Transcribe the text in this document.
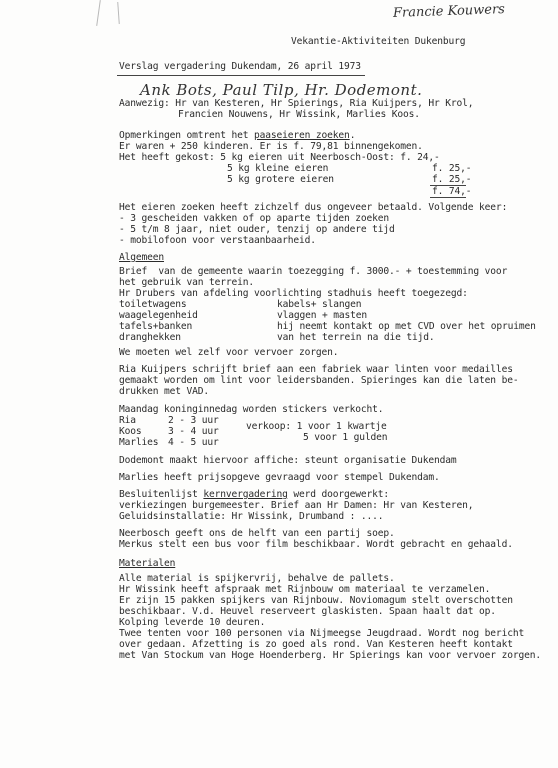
Francie Kouwers
Vekantie-Aktiviteiten Dukenburg
Verslag vergadering Dukendam, 26 april 1973
Ank Bots, Paul Tilp, Hr. Dodemont.
Aanwezig: Hr van Kesteren, Hr Spierings, Ria Kuijpers, Hr Krol,
Francien Nouwens, Hr Wissink, Marlies Koos.
Opmerkingen omtrent het paaseieren zoeken.
Er waren + 250 kinderen. Er is f. 79,81 binnengekomen.
Het heeft gekost: 5 kg eieren uit Neerbosch-Oost: f. 24,-
5 kg kleine eieren	f. 25,-
5 kg grotere eieren	f. 25,-
f. 74,-
Het eieren zoeken heeft zichzelf dus ongeveer betaald. Volgende keer:
- 3 gescheiden vakken of op aparte tijden zoeken
- 5 t/m 8 jaar, niet ouder, tenzij op andere tijd
- mobilofoon voor verstaanbaarheid.
Algemeen
Brief  van de gemeente waarin toezegging f. 3000.- + toestemming voor
het gebruik van terrein.
Hr Drubers van afdeling voorlichting stadhuis heeft toegezegd:
toiletwagens	kabels+ slangen
waagelegenheid	vlaggen + masten
tafels+banken	hij neemt kontakt op met CVD over het opruimen
dranghekken	van het terrein na die tijd.
We moeten wel zelf voor vervoer zorgen.
Ria Kuijpers schrijft brief aan een fabriek waar linten voor medailles
gemaakt worden om lint voor leidersbanden. Spieringes kan die laten be-
drukken met VAD.
Maandag koninginnedag worden stickers verkocht.
Ria	2 - 3 uur
Koos	3 - 4 uur
Marlies 4 - 5 uur
verkoop: 1 voor 1 kwartje
5 voor 1 gulden
Dodemont maakt hiervoor affiche: steunt organisatie Dukendam
Marlies heeft prijsopgeve gevraagd voor stempel Dukendam.
Besluitenlijst kernvergadering werd doorgewerkt:
verkiezingen burgemeester. Brief aan Hr Damen: Hr van Kesteren,
Geluidsinstallatie: Hr Wissink, Drumband : ....
Neerbosch geeft ons de helft van een partij soep.
Merkus stelt een bus voor film beschikbaar. Wordt gebracht en gehaald.
Materialen
Alle material is spijkervrij, behalve de pallets.
Hr Wissink heeft afspraak met Rijnbouw om materiaal te verzamelen.
Er zijn 15 pakken spijkers van Rijnbouw. Noviomagum stelt overschotten
beschikbaar. V.d. Heuvel reserveert glaskisten. Spaan haalt dat op.
Kolping leverde 10 deuren.
Twee tenten voor 100 personen via Nijmeegse Jeugdraad. Wordt nog bericht
over gedaan. Afzetting is zo goed als rond. Van Kesteren heeft kontakt
met Van Stockum van Hoge Hoenderberg. Hr Spierings kan voor vervoer zorgen.
